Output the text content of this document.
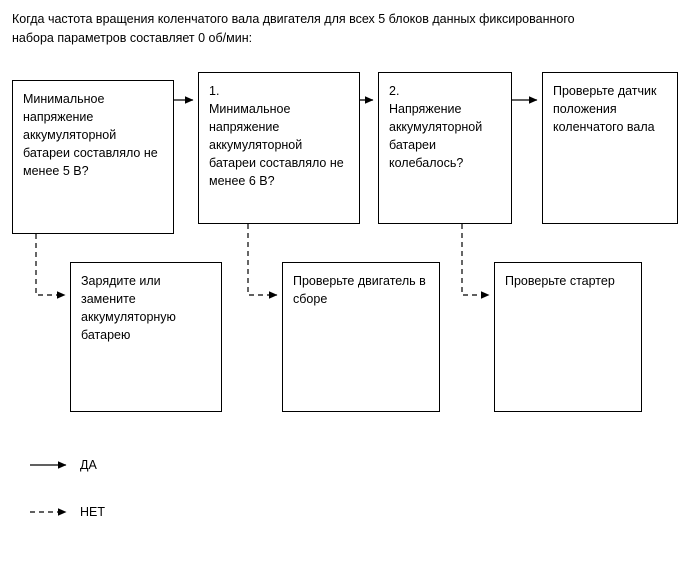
Когда частота вращения коленчатого вала двигателя для всех 5 блоков данных фиксированного набора параметров составляет 0 об/мин:
Минимальное напряжение аккумуляторной батареи составляло не менее 5 В?
1.
Минимальное напряжение аккумуляторной батареи составляло не менее 6 В?
2.
Напряжение аккумуляторной батареи колебалось?
Проверьте датчик положения коленчатого вала
Зарядите или замените аккумуляторную батарею
Проверьте двигатель в сборе
Проверьте стартер
ДА
НЕТ
